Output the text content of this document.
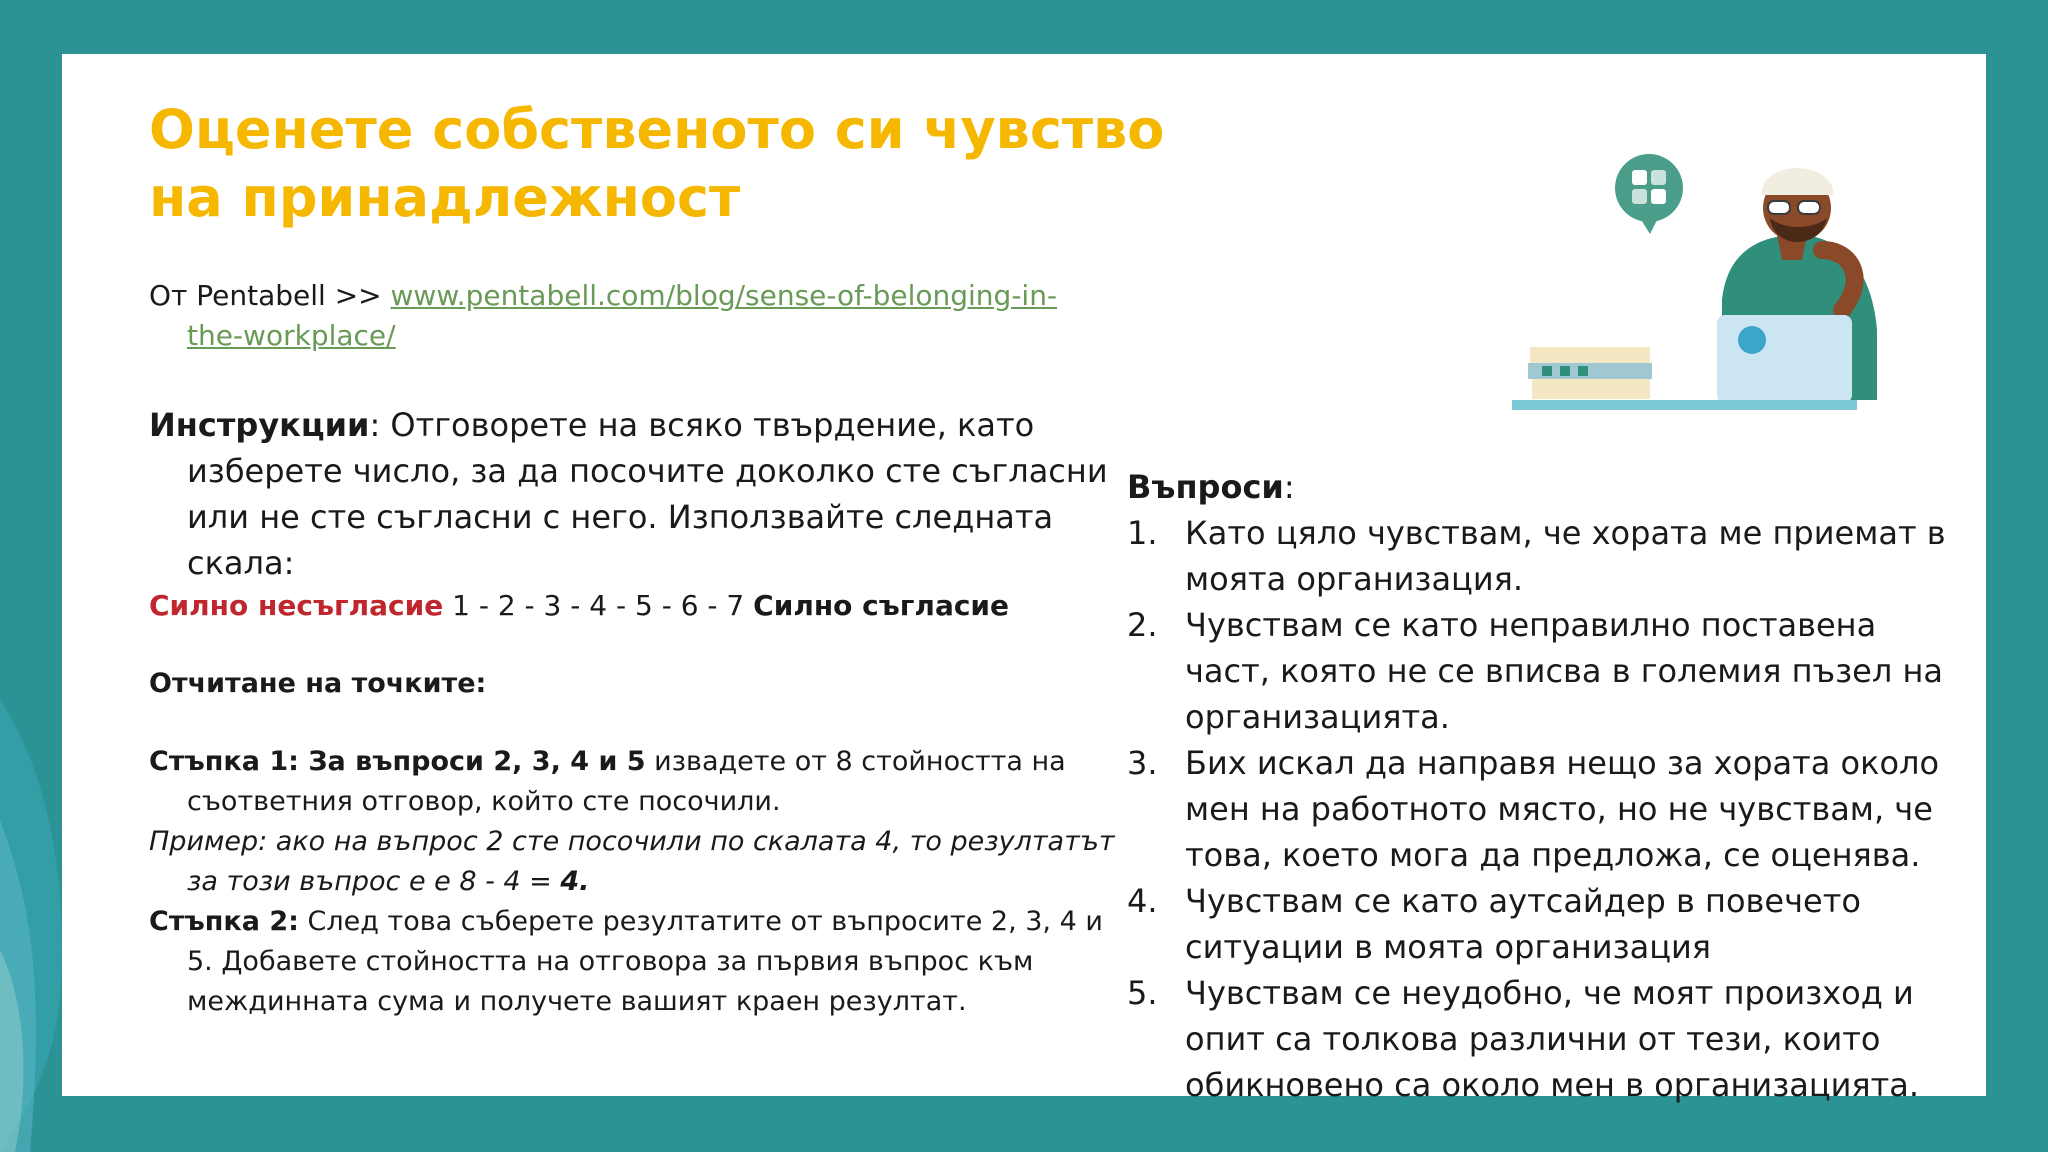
Оценете собственото си чувство на принадлежност
От Pentabell >> www.pentabell.com/blog/sense-of-belonging-in-the-workplace/

Инструкции: Отговорете на всяко твърдение, като изберете число, за да посочите доколко сте съгласни или не сте съгласни с него. Използвайте следната скала:

Силно несъгласие 1 - 2 - 3 - 4 - 5 - 6 - 7 Силно съгласие

Отчитане на точките:

Стъпка 1: За въпроси 2, 3, 4 и 5 извадете от 8 стойността на съответния отговор, който сте посочили.

Пример: ако на въпрос 2 сте посочили по скалата 4, то резултатът за този въпрос е е 8 - 4 = 4.

Стъпка 2: След това съберете резултатите от въпросите 2, 3, 4 и 5. Добавете стойността на отговора за първия въпрос към междинната сума и получете вашият краен резултат.

Въпроси:

1. Като цяло чувствам, че хората ме приемат в моята организация.
2. Чувствам се като неправилно поставена част, която не се вписва в големия пъзел на организацията.
3. Бих искал да направя нещо за хората около мен на работното място, но не чувствам, че това, което мога да предложа, се оценява.
4. Чувствам се като аутсайдер в повечето ситуации в моята организация
5. Чувствам се неудобно, че моят произход и опит са толкова различни от тези, които обикновено са около мен в организацията.
